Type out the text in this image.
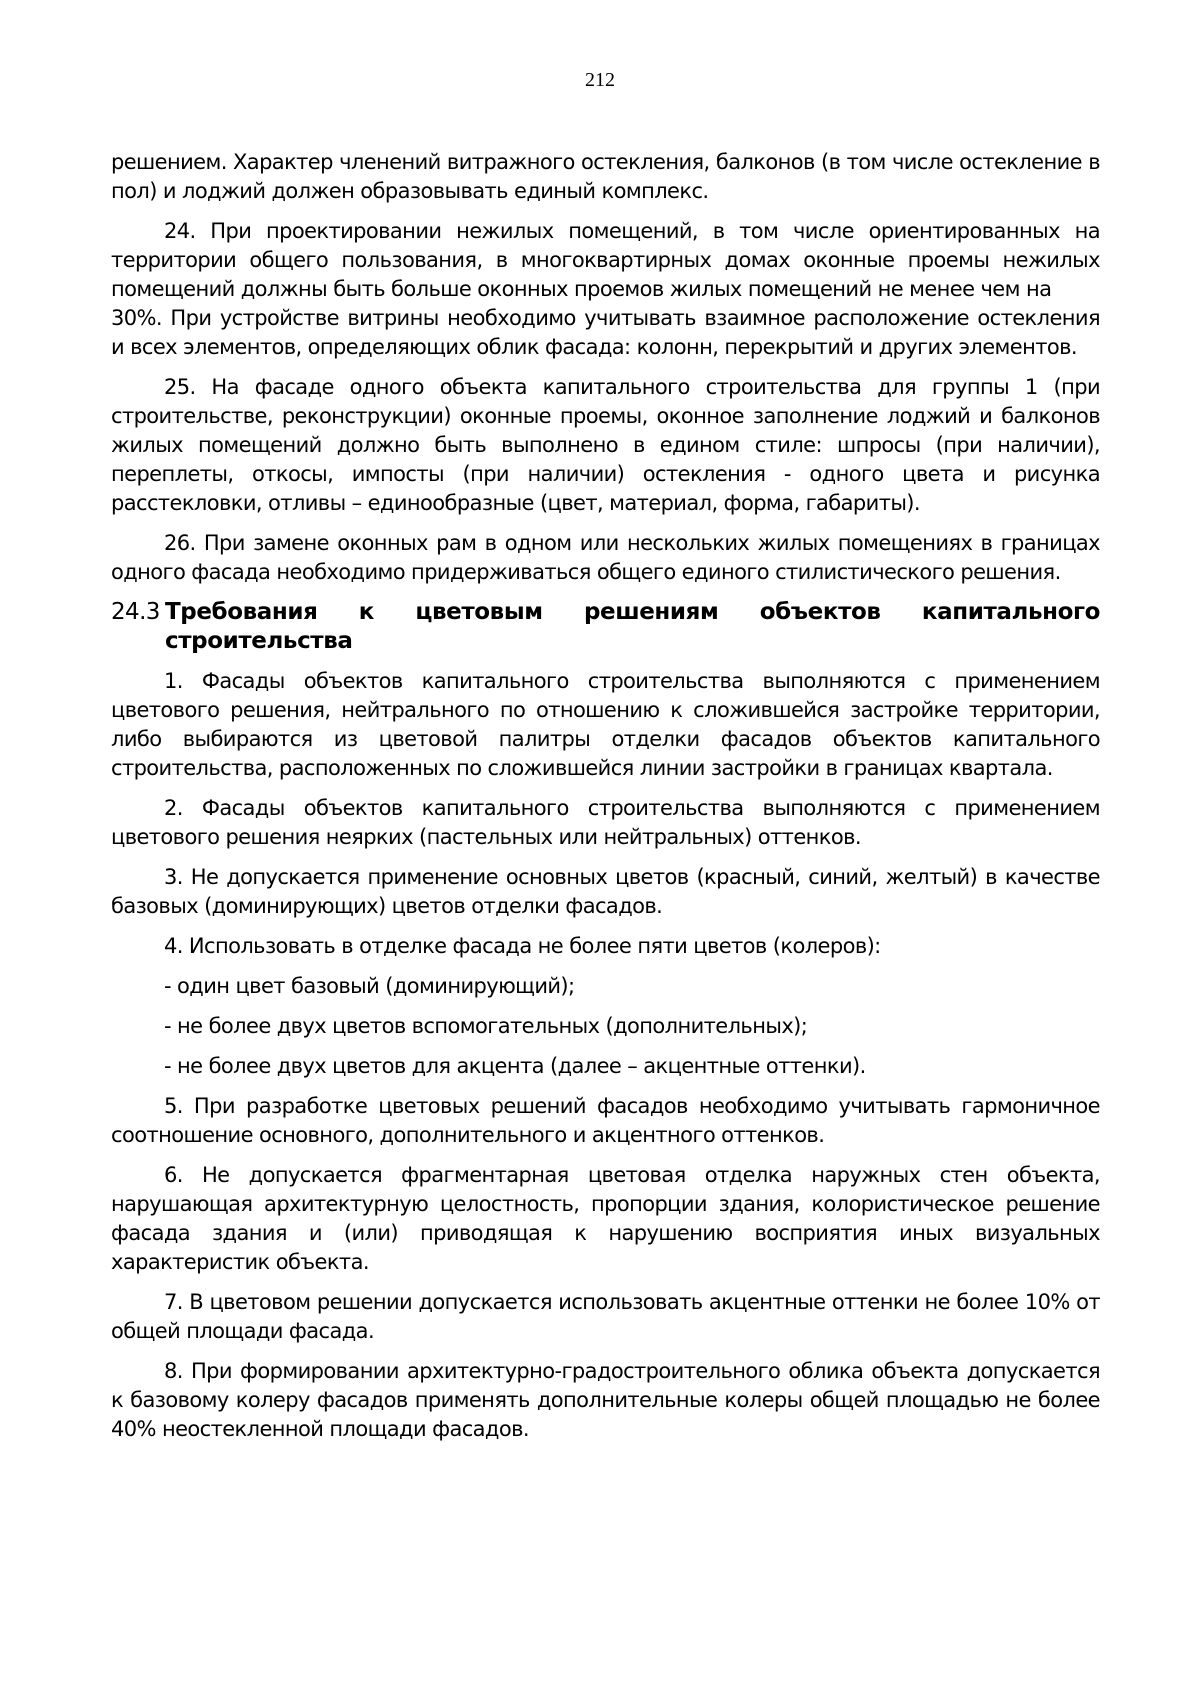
212

решением. Характер членений витражного остекления, балконов (в том числе остекление в пол) и лоджий должен образовывать единый комплекс.

24. При проектировании нежилых помещений, в том числе ориентированных на территории общего пользования, в многоквартирных домах оконные проемы нежилых помещений должны быть больше оконных проемов жилых помещений не менее чем на

30%. При устройстве витрины необходимо учитывать взаимное расположение остекления и всех элементов, определяющих облик фасада: колонн, перекрытий и других элементов.

25. На фасаде одного объекта капитального строительства для группы 1 (при строительстве, реконструкции) оконные проемы, оконное заполнение лоджий и балконов жилых помещений должно быть выполнено в едином стиле: шпросы (при наличии), переплеты, откосы, импосты (при наличии) остекления - одного цвета и рисунка расстекловки, отливы – единообразные (цвет, материал, форма, габариты).

26. При замене оконных рам в одном или нескольких жилых помещениях в границах одного фасада необходимо придерживаться общего единого стилистического решения.

24.3 Требования к цветовым решениям объектов капитального
строительства

1. Фасады объектов капитального строительства выполняются с применением цветового решения, нейтрального по отношению к сложившейся застройке территории, либо выбираются из цветовой палитры отделки фасадов объектов капитального строительства, расположенных по сложившейся линии застройки в границах квартала.

2. Фасады объектов капитального строительства выполняются с применением цветового решения неярких (пастельных или нейтральных) оттенков.

3. Не допускается применение основных цветов (красный, синий, желтый) в качестве базовых (доминирующих) цветов отделки фасадов.

4. Использовать в отделке фасада не более пяти цветов (колеров):

- один цвет базовый (доминирующий);

- не более двух цветов вспомогательных (дополнительных);

- не более двух цветов для акцента (далее – акцентные оттенки).

5. При разработке цветовых решений фасадов необходимо учитывать гармоничное соотношение основного, дополнительного и акцентного оттенков.

6. Не допускается фрагментарная цветовая отделка наружных стен объекта, нарушающая архитектурную целостность, пропорции здания, колористическое решение фасада здания и (или) приводящая к нарушению восприятия иных визуальных характеристик объекта.

7. В цветовом решении допускается использовать акцентные оттенки не более 10% от общей площади фасада.

8. При формировании архитектурно-градостроительного облика объекта допускается к базовому колеру фасадов применять дополнительные колеры общей площадью не более 40% неостекленной площади фасадов.
